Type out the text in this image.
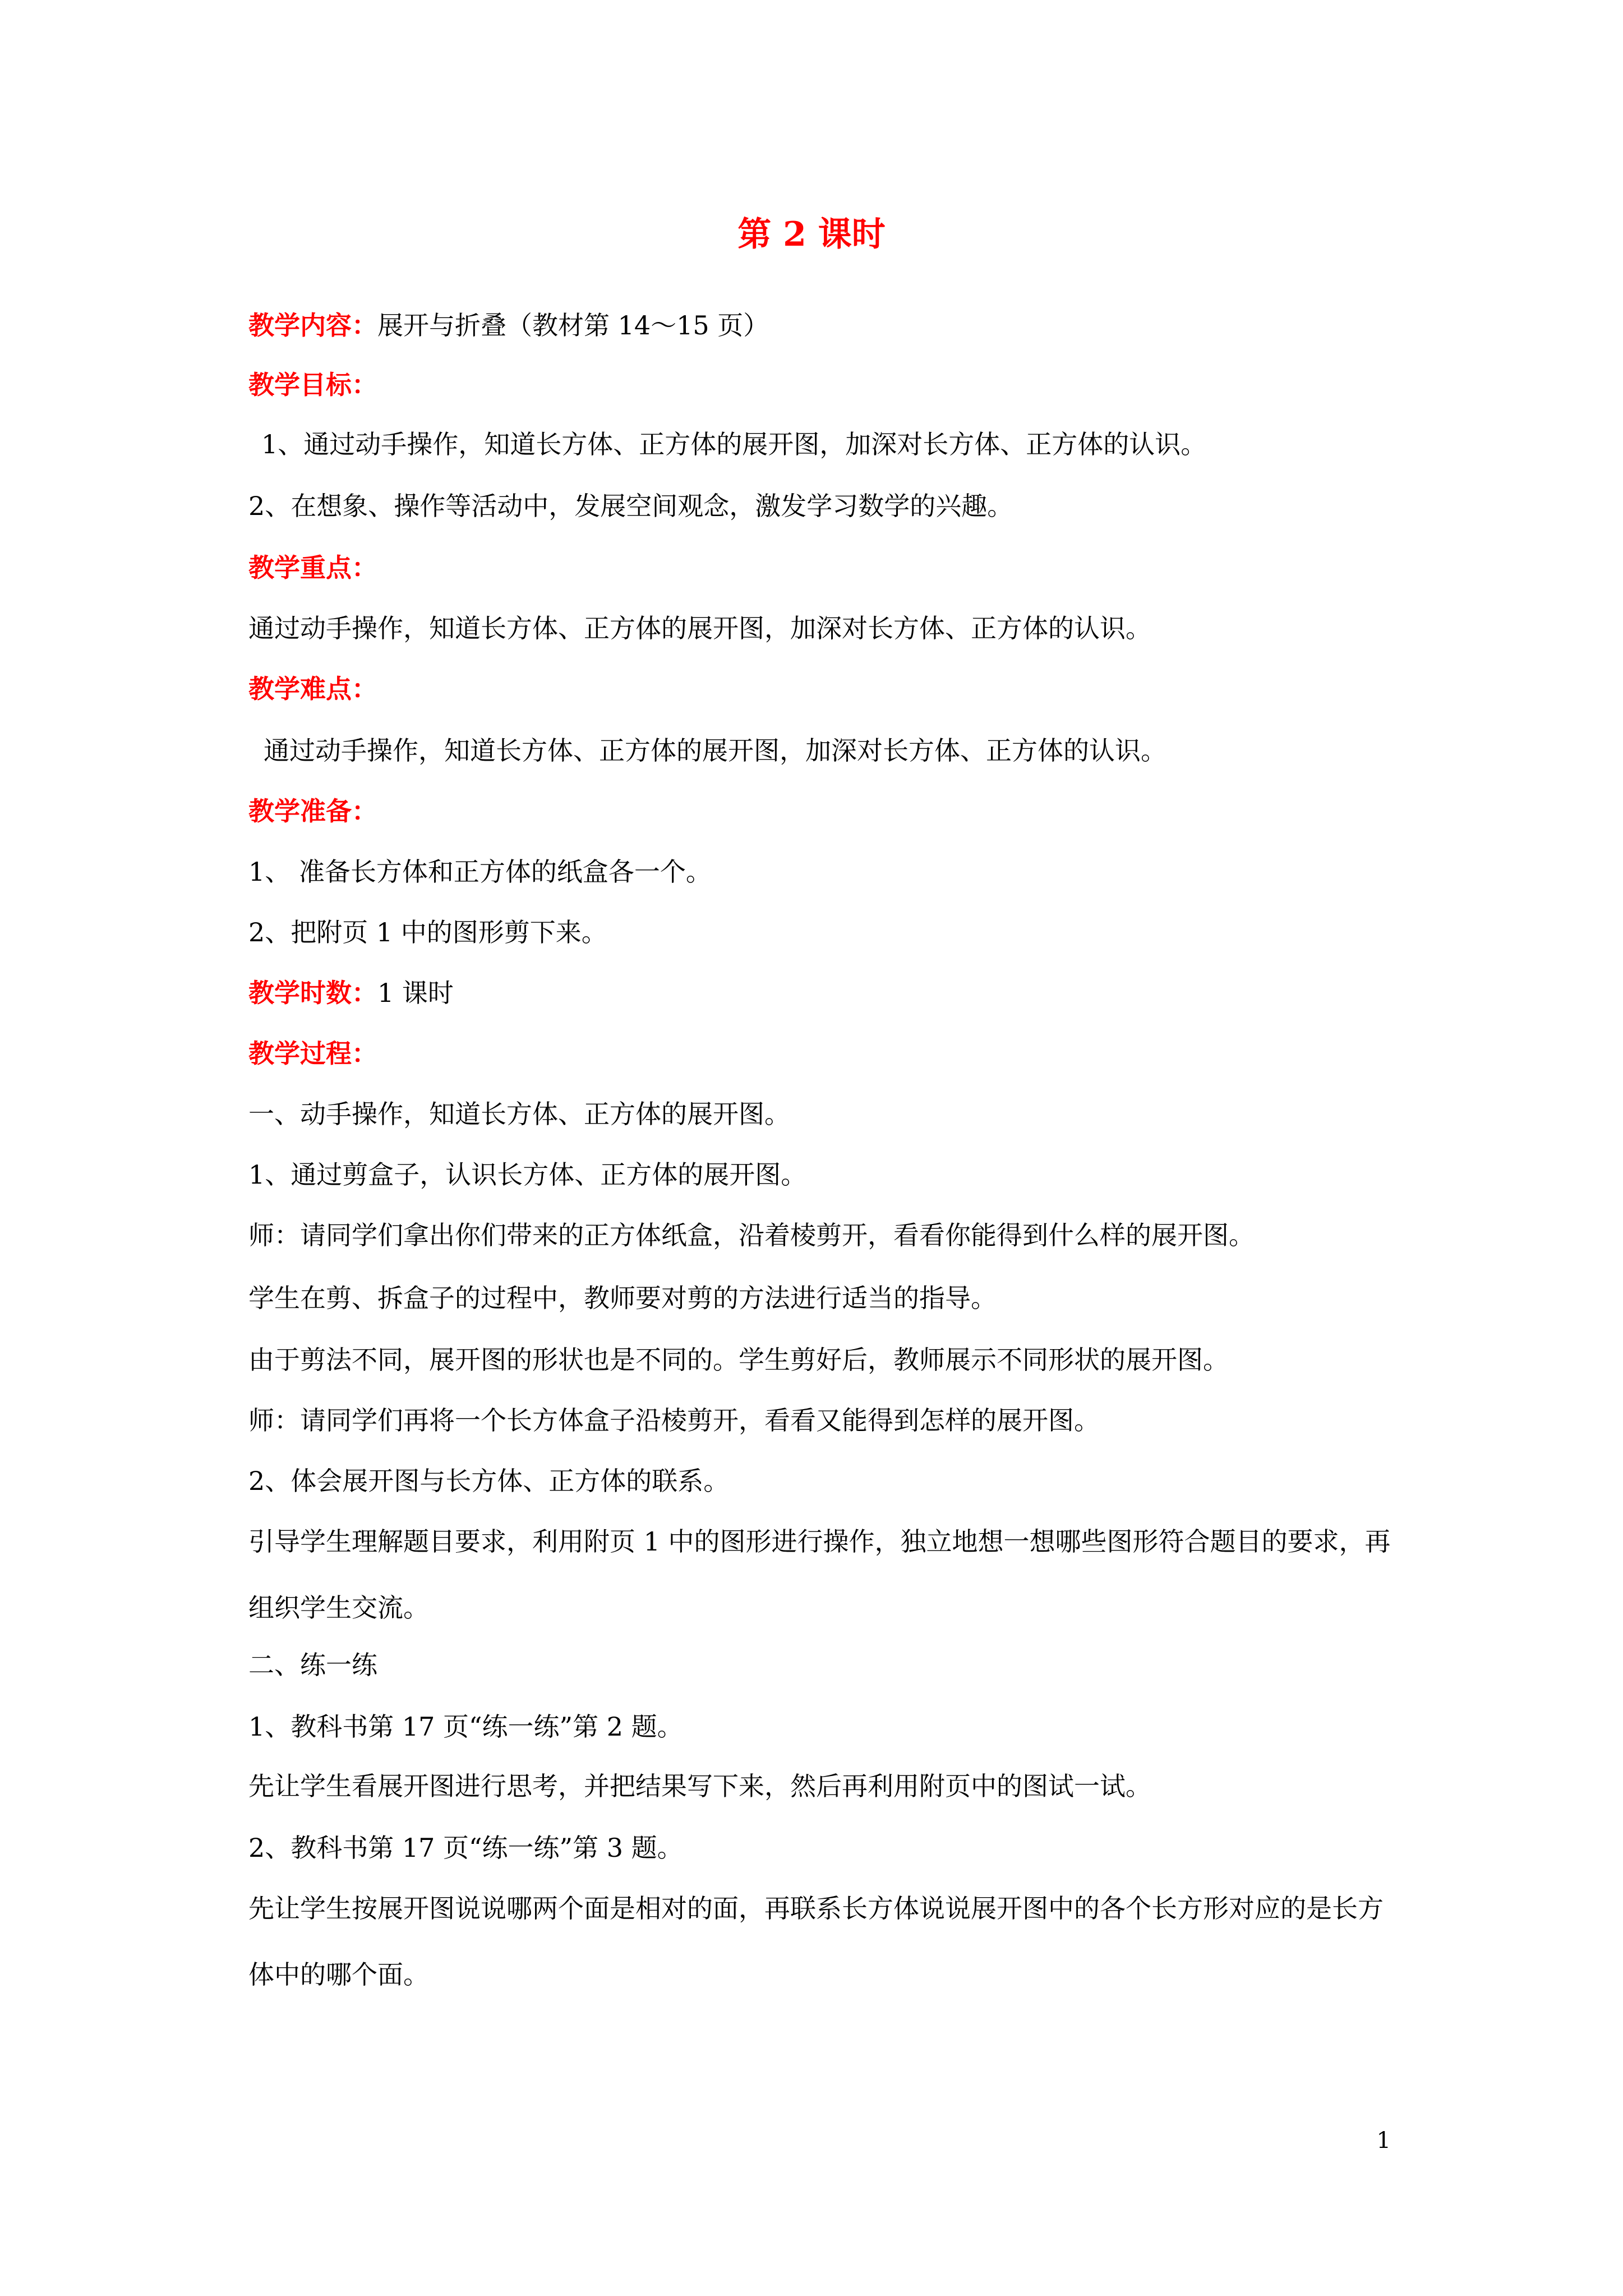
第 2 课时
教学内容：展开与折叠（教材第 14～15 页）
教学目标：
1、通过动手操作，知道长方体、正方体的展开图，加深对长方体、正方体的认识。
2、在想象、操作等活动中，发展空间观念，激发学习数学的兴趣。
教学重点：
通过动手操作，知道长方体、正方体的展开图，加深对长方体、正方体的认识。
教学难点：
通过动手操作，知道长方体、正方体的展开图，加深对长方体、正方体的认识。
教学准备：
1、 准备长方体和正方体的纸盒各一个。
2、把附页 1 中的图形剪下来。
教学时数：1 课时
教学过程：
一、动手操作，知道长方体、正方体的展开图。
1、通过剪盒子，认识长方体、正方体的展开图。
师：请同学们拿出你们带来的正方体纸盒，沿着棱剪开，看看你能得到什么样的展开图。
学生在剪、拆盒子的过程中，教师要对剪的方法进行适当的指导。
由于剪法不同，展开图的形状也是不同的。学生剪好后，教师展示不同形状的展开图。
师：请同学们再将一个长方体盒子沿棱剪开，看看又能得到怎样的展开图。
2、体会展开图与长方体、正方体的联系。
引导学生理解题目要求，利用附页 1 中的图形进行操作，独立地想一想哪些图形符合题目的要求，再组织学生交流。
二、练一练
1、教科书第 17 页“练一练”第 2 题。
先让学生看展开图进行思考，并把结果写下来，然后再利用附页中的图试一试。
2、教科书第 17 页“练一练”第 3 题。
先让学生按展开图说说哪两个面是相对的面，再联系长方体说说展开图中的各个长方形对应的是长方体中的哪个面。
1
